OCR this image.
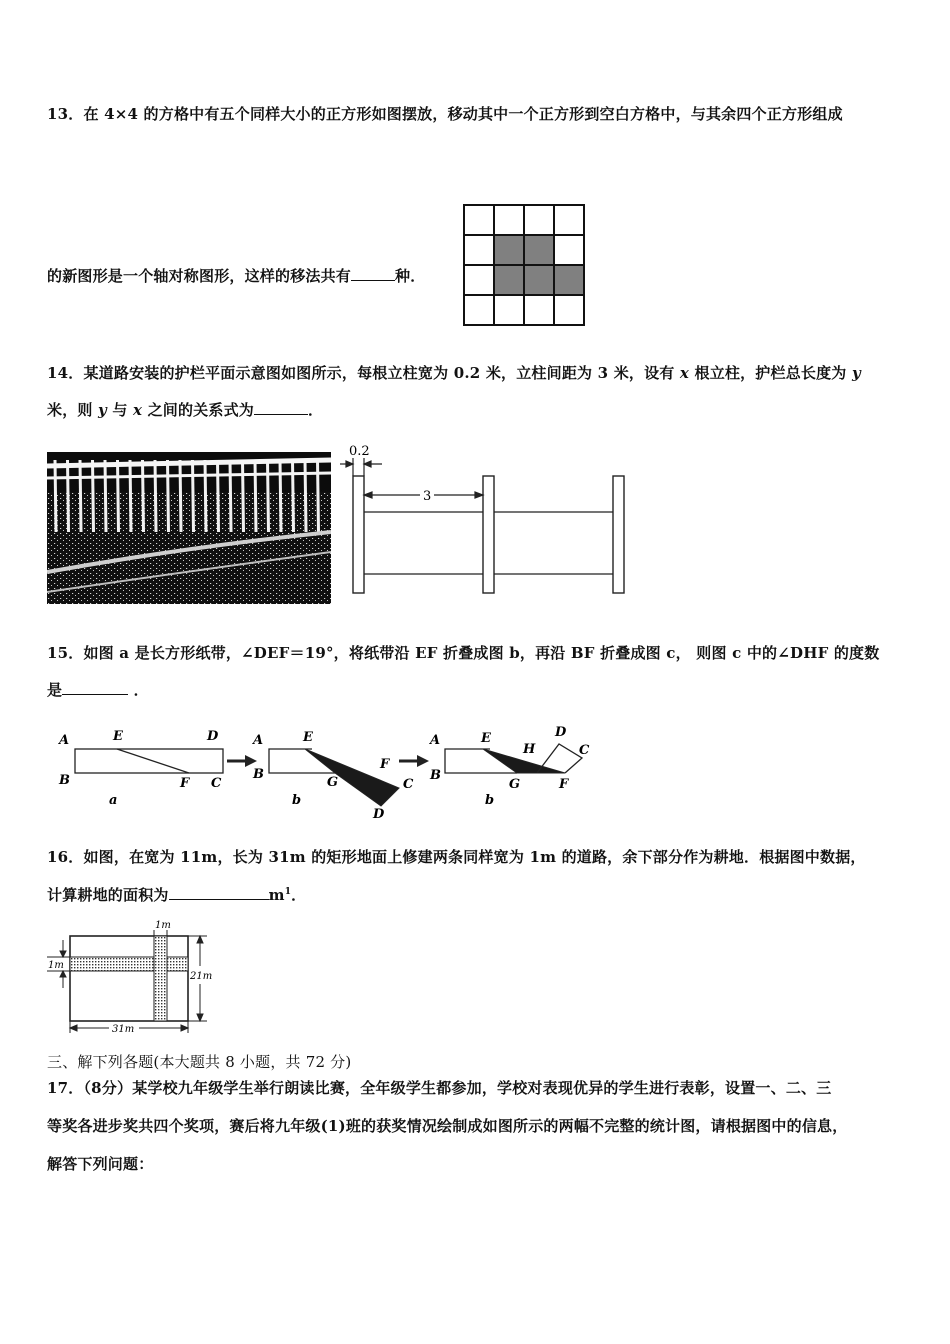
13．在 4×4 的方格中有五个同样大小的正方形如图摆放，移动其中一个正方形到空白方格中，与其余四个正方形组成
的新图形是一个轴对称图形，这样的移法共有	种．
14．某道路安装的护栏平面示意图如图所示，每根立柱宽为 0.2 米，立柱间距为 3 米，设有 x 根立柱，护栏总长度为 y
米，则 y 与 x 之间的关系式为	．
0.2
3
15．如图 a 是长方形纸带，∠DEF＝19°，将纸带沿 EF 折叠成图 b，再沿 BF 折叠成图 c， 则图 c 中的∠DHF 的度数
是	．
A
B
E	D
F C
a
A
B
E
G
F
C
D
b
A
B
E
H
D
C
G	F
b
16．如图，在宽为 11m，长为 31m 的矩形地面上修建两条同样宽为 1m 的道路，余下部分作为耕地．根据图中数据，
计算耕地的面积为	$m^1$．
1m
1m
21m
31m
三、解下列各题(本大题共 8 小题，共 72 分)
17．（8分）某学校九年级学生举行朗读比赛，全年级学生都参加，学校对表现优异的学生进行表彰，设置一、二、三
等奖各进步奖共四个奖项，赛后将九年级(1)班的获奖情况绘制成如图所示的两幅不完整的统计图，请根据图中的信息，
解答下列问题：
